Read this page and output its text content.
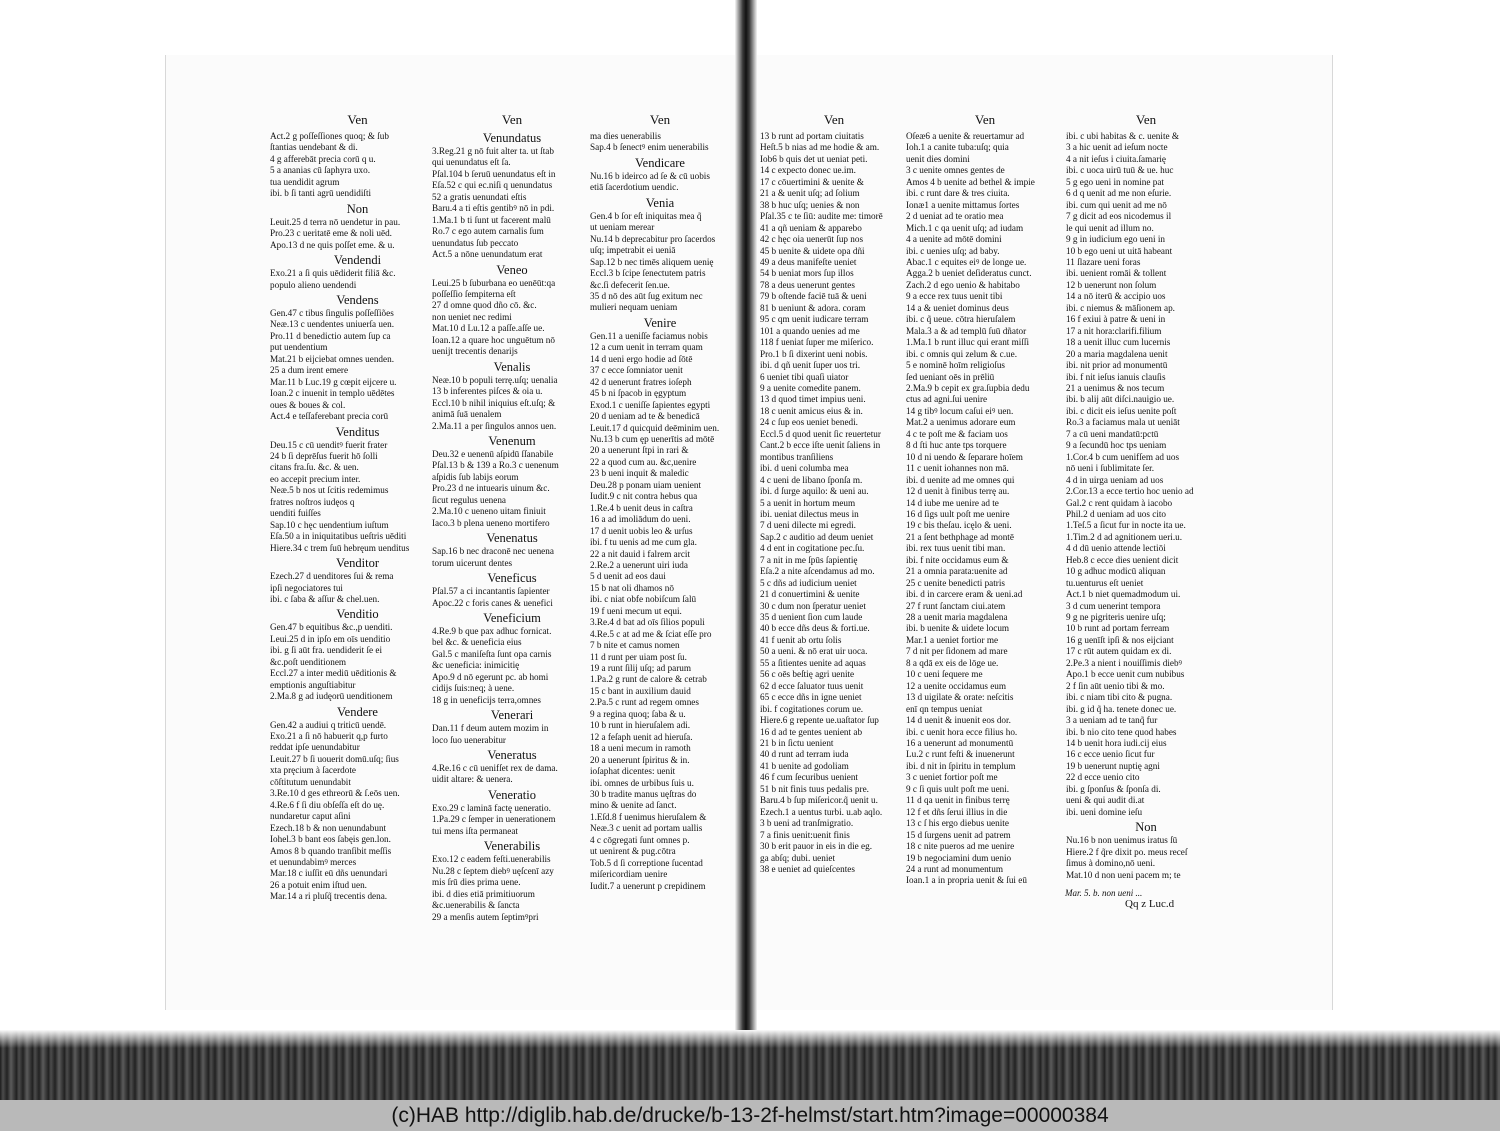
Ven
Act.2 g poſſeſſiones quoq; & ſub
ſtantias uendebant & di.
4 g afferebāt precia corū q u.
5 a ananias cū ſaphyra uxo.
tua uendidit agrum
ibi. b ſi tanti agrū uendidiſti
Non
Leuit.25 d terra nō uendetur in pau.
Pro.23 c ueritatē eme & noli uēd.
Apo.13 d ne quis poſſet eme. & u.
Vendendi
Exo.21 a ſi quis uēdiderit filiā &c.
populo alieno uendendi
Vendens
Gen.47 c tibus ſingulis poſſeſſiões
Neæ.13 c uendentes uniuerſa uen.
Pro.11 d benedictio autem ſup ca
put uendentium
Mat.21 b eijciebat omnes uenden.
25 a dum irent emere
Mar.11 b Luc.19 g cœpit eijcere u.
Ioan.2 c inuenit in templo uēdētes
oues & boues & col.
Act.4 e teſſaferebant precia corū
Venditus
Deu.15 c cū uenditꝰ fuerit frater
24 b ſi deprēſus fuerit hō ſolli
citans fra.ſu. &c. & uen.
eo accepit precium inter.
Neæ.5 b nos ut ſcitis redemimus
fratres noſtros iudęos q
uenditi fuiſſes
Sap.10 c hęc uendentium iuſtum
Eſa.50 a in iniquitatibus ueſtris uēditi
Hiere.34 c trem ſuū hebręum uenditus
Venditor
Ezech.27 d uenditores ſui & rema
ipſi negociatores tui
ibi. c ſaba & aſſur & chel.uen.
Venditio
Gen.47 b equitibus &c.,p uenditi.
Leui.25 d in ipſo em oīs uenditio
ibi. g ſi aūt fra. uendiderit ſe ei
&c.poſt uenditionem
Eccl.27 a inter mediū uēditionis &
emptionis anguſtiabitur
2.Ma.8 g ad iudęorū uenditionem
Vendere
Gen.42 a audiui q triticū uendē.
Exo.21 a ſi nō habuerit q,p furto
reddat ipſe uenundabitur
Leuit.27 b ſi uouerit domū.uſq; ſius
xta pręcium à ſacerdote
cōſtitutum uenundabit
3.Re.10 d ges ethreorū & ſ.eōs uen.
4.Re.6 f ſi diu obſeſſa eſt do uę.
nundaretur caput aſini
Ezech.18 b & non uenundabunt
Iohel.3 b bant eos ſabęis gen.lon.
Amos 8 b quando tranſibit meſſis
et uenundabimꝰ merces
Mar.18 c iuſſit eū dñs uenundari
26 a potuit enim iſtud uen.
Mar.14 a ri pluſq̃ trecentis dena.
Ven
Venundatus
3.Reg.21 g nō fuit alter ta. ut ſtab
qui uenundatus eſt ſa.
Pſal.104 b ſeruū uenundatus eſt in
Eſa.52 c qui ec.niſi q uenundatus
52 a gratis uenundati eſtis
Baru.4 a ti eſtis gentibꝰ nō in pdi.
1.Ma.1 b ti ſunt ut facerent malū
Ro.7 c ego autem carnalis ſum
uenundatus ſub peccato
Act.5 a nōne uenundatum erat
Veneo
Leui.25 b ſuburbana eo uenēūt:qa
poſſeſſio ſempiterna eſt
27 d omne quod dño cō. &c.
non ueniet nec redimi
Mat.10 d Lu.12 a paſſe.aſſe ue.
Ioan.12 a quare hoc unguētum nō
uenijt trecentis denarijs
Venalis
Neæ.10 b populi terrę.uſq; uenalia
13 b inferentes piſces & oia u.
Eccl.10 b nihil iniquius eſt.uſq; &
animā ſuā uenalem
2.Ma.11 a per ſingulos annos uen.
Venenum
Deu.32 e uenenū aſpidū ſſanabile
Pſal.13 b & 139 a Ro.3 c uenenum
aſpidis ſub labijs eorum
Pro.23 d ne intuearis uinum &c.
ſicut regulus uenena
2.Ma.10 c ueneno uitam finiuit
Iaco.3 b plena ueneno mortifero
Venenatus
Sap.16 b nec draconē nec uenena
torum uicerunt dentes
Veneficus
Pſal.57 a ci incantantis ſapienter
Apoc.22 c foris canes & uenefici
Veneficium
4.Re.9 b que pax adhuc fornicat.
bel &c. & ueneficia eius
Gal.5 c maniſeſta ſunt opa carnis
&c ueneficia: inimicitię
Apo.9 d nō egerunt pc. ab homi
cidijs ſuis:neq; à uene.
18 g in ueneficijs terra,omnes
Venerari
Dan.11 f deum autem mozim in
loco ſuo uenerabitur
Veneratus
4.Re.16 c cū uenifſet rex de dama.
uidit altare: & uenera.
Veneratio
Exo.29 c laminā factę ueneratio.
1.Pa.29 c ſemper in uenerationem
tui mens iſta permaneat
Venerabilis
Exo.12 c eadem feſti.uenerabilis
Nu.28 c ſeptem diebꝰ uęſcenī azy
mis ſrū dies prima uene.
ibi. d dies etiā primitiuorum
&c.uenerabilis & ſancta
29 a menſis autem ſeptimꝰpri
Ven
ma dies uenerabilis
Sap.4 b ſenectꝰ enim uenerabilis
Vendicare
Nu.16 b ideirco ad ſe & cū uobis
etiā ſacerdotium uendic.
Venia
Gen.4 b ſor eſt iniquitas mea q̃
ut ueniam merear
Nu.14 b deprecabitur pro ſacerdos
uſq; impetrabit ei ueniā
Sap.12 b nec timēs aliquem uenię
Eccl.3 b ſcipe ſenectutem patris
&c.ſi defecerit ſen.ue.
35 d nō des aūt ſug exitum nec
mulieri nequam ueniam
Venire
Gen.11 a ueniſſe faciamus nobis
12 a cum uenit in terram quam
14 d ueni ergo hodie ad ſōtē
37 c ecce ſomniator uenit
42 d uenerunt fratres ioſeph
45 b ni ſpacob in ęgyptum
Exod.1 c ueniſſe ſapientes egypti
20 d ueniam ad te & benedicā
Leuit.17 d quicquid deēminim uen.
Nu.13 b cum ęp uenerītis ad mōtē
20 a uenerunt ſtpi in rari &
22 a quod cum au. &c,uenire
23 b ueni inquit & maledic
Deu.28 p ponam uiam uenient
Iudit.9 c nit contra hebus qua
1.Re.4 b uenit deus in caſtra
16 a ad imoliādum do ueni.
17 d uenit uobis leo & urſus
ibi. f tu uenis ad me cum gla.
22 a nit dauid i falrem arcit
2.Re.2 a uenerunt uiri iuda
5 d uenit ad eos daui
15 b nat oli dhamos nō
ibi. c niat obfe nobiſcum ſalū
19 f ueni mecum ut equi.
3.Re.4 d bat ad oīs ſilios populi
4.Re.5 c at ad me & ſciat eſſe pro
7 b nite et camus nomen
11 d runt per uiam post ſu.
19 a runt ſilij uſq; ad parum
1.Pa.2 g runt de calore & cetrab
15 c bant in auxilium dauid
2.Pa.5 c runt ad regem omnes
9 a regina quoq; ſaba & u.
10 b runt in hieruſalem adi.
12 a feſaph uenit ad hieruſa.
18 a ueni mecum in ramoth
20 a uenerunt ſpiritus & in.
ioſaphat dicentes: uenit
ibi. omnes de urbibus ſuis u.
30 b tradite manus uęſtras do
mino & uenite ad ſanct.
1.Eſd.8 f uenimus hieruſalem &
Neæ.3 c uenit ad portam uallis
4 c cōgregati ſunt omnes p.
ut uenirent & pug.cōtra
Tob.5 d ſi correptione ſucentad
miſericordiam uenire
Iudit.7 a uenerunt p crepidinem
Ven
13 b runt ad portam ciuitatis
Heſt.5 b nias ad me hodie & am.
Iob6 b quis det ut ueniat peti.
14 c expecto donec ue.im.
17 c cōuertimini & uenite &
21 a & uenit uſq; ad ſolium
38 b huc uſq; uenies & non
Pſal.35 c te ſiū: audite me: timorē
41 a qñ ueniam & apparebo
42 c hęc oia uenerūt ſup nos
45 b uenite & uidete opa dñi
49 a deus manifeſte ueniet
54 b ueniat mors ſup illos
78 a deus uenerunt gentes
79 b oſtende faciē tuā & ueni
81 b ueniunt & adora. coram
95 c qm uenit iudicare terram
101 a quando uenies ad me
118 f ueniat ſuper me miſerico.
Pro.1 b ſi dixerint ueni nobis.
ibi. d qñ uenit ſuper uos tri.
6 ueniet tibi quaſi uiator
9 a uenite comedite panem.
13 d quod timet impius ueni.
18 c uenit amicus eius & in.
24 c ſup eos ueniet benedi.
Eccl.5 d quod uenit ſic reuertetur
Cant.2 b ecce iſte uenit ſaliens in
montibus tranſiliens
ibi. d ueni columba mea
4 c ueni de libano ſponſa m.
ibi. d ſurge aquilo: & ueni au.
5 a uenit in hortum meum
ibi. ueniat dilectus meus in
7 d ueni dilecte mi egredi.
Sap.2 c auditio ad deum ueniet
4 d ent in cogitatione pec.ſu.
7 a nit in me ſpūs ſapientię
Eſa.2 a nite aſcendamus ad mo.
5 c dñs ad iudicium ueniet
21 d conuertimini & uenite
30 c dum non ſperatur ueniet
35 d uenient ſion cum laude
40 b ecce dñs deus & forti.ue.
41 f uenit ab ortu ſolis
50 a ueni. & nō erat uir uoca.
55 a ſitientes uenite ad aquas
56 c oēs beſtię agri uenite
62 d ecce ſaluator tuus uenit
65 c ecce dñs in igne ueniet
ibi. f cogitationes corum ue.
Hiere.6 g repente ue.uaſtator ſup
16 d ad te gentes uenient ab
21 b in ſictu uenient
40 d runt ad terram iuda
41 b uenite ad godoliam
46 f cum ſecuribus uenient
51 b nit finis tuus pedalis pre.
Baru.4 b ſup miſericor.q̃ uenit u.
Ezech.1 a uentus turbi. u.ab aqlo.
3 b ueni ad tranſmigratio.
7 a finis uenit:uenit finis
30 b erit pauor in eis in die eg.
ga abſq; dubi. ueniet
38 e ueniet ad quieſcentes
Ven
Oſeæ6 a uenite & reuertamur ad
Ioh.1 a canite tuba:uſq; quia
uenit dies domini
3 c uenite omnes gentes de
Amos 4 b uenite ad bethel & impie
ibi. c runt dare & tres ciuita.
Ionæ1 a uenite mittamus ſortes
2 d ueniat ad te oratio mea
Mich.1 c qa uenit uſq; ad iudam
4 a uenite ad mōtē domini
ibi. c uenies uſq; ad baby.
Abac.1 c equites eiꝰ de longe ue.
Agga.2 b ueniet deſideratus cunct.
Zach.2 d ego uenio & habitabo
9 a ecce rex tuus uenit tibi
14 a & ueniet dominus deus
ibi. c q̃ ueue. cōtra hieruſalem
Mala.3 a & ad templū ſuū dñator
1.Ma.1 b runt illuc qui erant miſſi
ibi. c omnis qui zelum & c.ue.
5 e nominē hoīm religioſus
ſed ueniant oēs in prēliū
2.Ma.9 b cepit ex gra.ſupbia dedu
ctus ad agni.ſui uenire
14 g tibꝰ locum caſui eiꝰ uen.
Mat.2 a uenimus adorare eum
4 c te poſt me & faciam uos
8 d ſti huc ante tps torquere
10 d ni uendo & ſeparare hoīem
11 c uenit iohannes non mā.
ibi. d uenite ad me omnes qui
12 d uenit à finibus terrę au.
14 d iube me uenire ad te
16 d ſigs uult poſt me uenire
19 c bis theſau. icęlo & ueni.
21 a ſent bethphage ad montē
ibi. rex tuus uenit tibi man.
ibi. f nite occidamus eum &
21 a omnia parata:uenite ad
25 c uenite benedicti patris
ibi. d in carcere eram & ueni.ad
27 f runt ſanctam ciui.atem
28 a uenit maria magdalena
ibi. b uenite & uidete locum
Mar.1 a ueniet fortior me
7 d nit per ſidonem ad mare
8 a qdā ex eis de lōge ue.
10 c ueni ſequere me
12 a uenite occidamus eum
13 d uigilate & orate: neſcitis
enī qn tempus ueniat
14 d uenit & inuenit eos dor.
ibi. c uenit hora ecce filius ho.
16 a uenerunt ad monumentū
Lu.2 c runt feſti & inuenerunt
ibi. d nit in ſpiritu in templum
3 c ueniet fortior poſt me
9 c ſi quis uult poſt me ueni.
11 d qa uenit in finibus terrę
12 f et dñs ſerui illius in die
13 c ſ his ergo diebus uenite
15 d ſurgens uenit ad patrem
18 c nite pueros ad me uenire
19 b negociamini dum uenio
24 a runt ad monumentum
Ioan.1 a in propria uenit & ſui eū
Ven
ibi. c ubi habitas & c. uenite &
3 a hic uenit ad ieſum nocte
4 a nit ieſus i ciuita.ſamarię
ibi. c uoca uirū tuū & ue. huc
5 g ego ueni in nomine pat
6 d q uenit ad me non eſurie.
ibi. cum qui uenit ad me nō
7 g dicit ad eos nicodemus il
le qui uenit ad illum no.
9 g in iudicium ego ueni in
10 b ego ueni ut uitā habeant
11 ſlazare ueni foras
ibi. uenient romāi & tollent
12 b uenerunt non ſolum
14 a nō iterū & accipio uos
ibi. c niemus & māſionem ap.
16 f exiui à patre & ueni in
17 a nit hora:clarifi.filium
18 a uenit illuc cum lucernis
20 a maria magdalena uenit
ibi. nit prior ad monumentū
ibi. f nit ieſus ianuis clauſis
21 a uenimus & nos tecum
ibi. b alij aūt diſci.nauigio ue.
ibi. c dicit eis ieſus uenite poſt
Ro.3 a faciamus mala ut ueniāt
7 a cū ueni mandatū:pctū
9 a ſecundū hoc tps ueniam
1.Cor.4 b cum uenifſem ad uos
nō ueni i ſublimitate ſer.
4 d in uirga ueniam ad uos
2.Cor.13 a ecce tertio hoc uenio ad
Gal.2 c rent quidam à iacobo
Phil.2 d ueniam ad uos cito
1.Teſ.5 a ſicut fur in nocte ita ue.
1.Tim.2 d ad agnitionem ueri.u.
4 d dū uenio attende lectiōi
Heb.8 c ecce dies uenient dicit
10 g adhuc modicū aliquan
tu.uenturus eſt ueniet
Act.1 b niet quemadmodum ui.
3 d cum uenerint tempora
9 g ne pigriteris uenire uſq;
10 b runt ad portam ferream
16 g uenīſt ipſi & nos eijciant
17 c rūt autem quidam ex di.
2.Pe.3 a nient i nouiſſimis diebꝰ
Apo.1 b ecce uenit cum nubibus
2 f ſin aūt uenio tibi & mo.
ibi. c niam tibi cito & pugna.
ibi. g id q̃ ha. tenete donec ue.
3 a ueniam ad te tanq̃ fur
ibi. b nio cito tene quod habes
14 b uenit hora iudi.cij eius
16 c ecce uenio ſicut fur
19 b uenerunt nuptię agni
22 d ecce uenio cito
ibi. g ſponſus & ſponſa di.
ueni & qui audit di.at
ibi. ueni domine ieſu
Non
Nu.16 b non uenimus iratus ſū
Hiere.2 f q̃re dixit po. meus receſ
ſimus à domino,nō ueni.
Mat.10 d non ueni pacem m; te
Mar. 5. b. non ueni ...
Qq z Luc.d
(c)HAB http://diglib.hab.de/drucke/b-13-2f-helmst/start.htm?image=00000384
